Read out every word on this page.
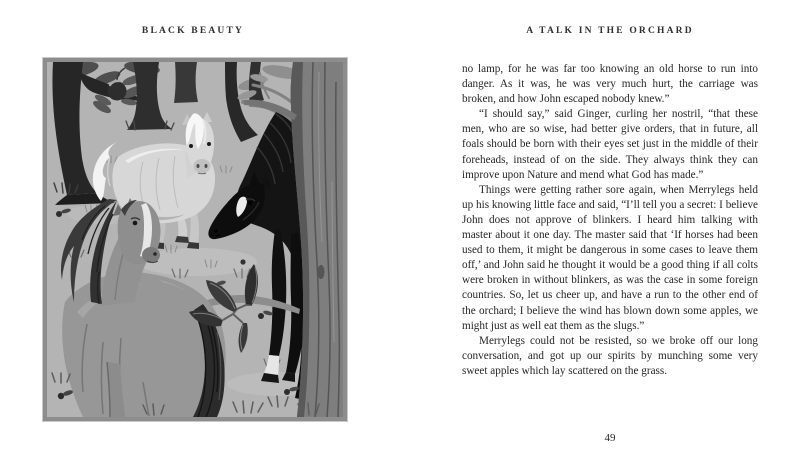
BLACK BEAUTY	A TALK IN THE ORCHARD

no lamp, for he was far too knowing an old horse to run into danger. As it was, he was very much hurt, the carriage was broken, and how John escaped nobody knew.”

“I should say,” said Ginger, curling her nostril, “that these men, who are so wise, had better give orders, that in future, all foals should be born with their eyes set just in the middle of their foreheads, instead of on the side. They always think they can improve upon Nature and mend what God has made.”

Things were getting rather sore again, when Merrylegs held up his knowing little face and said, “I’ll tell you a secret: I believe John does not approve of blinkers. I heard him talking with master about it one day. The master said that ‘If horses had been used to them, it might be dangerous in some cases to leave them off,’ and John said he thought it would be a good thing if all colts were broken in without blinkers, as was the case in some foreign countries. So, let us cheer up, and have a run to the other end of the orchard; I believe the wind has blown down some apples, we might just as well eat them as the slugs.”

Merrylegs could not be resisted, so we broke off our long conversation, and got up our spirits by munching some very sweet apples which lay scattered on the grass.

49
